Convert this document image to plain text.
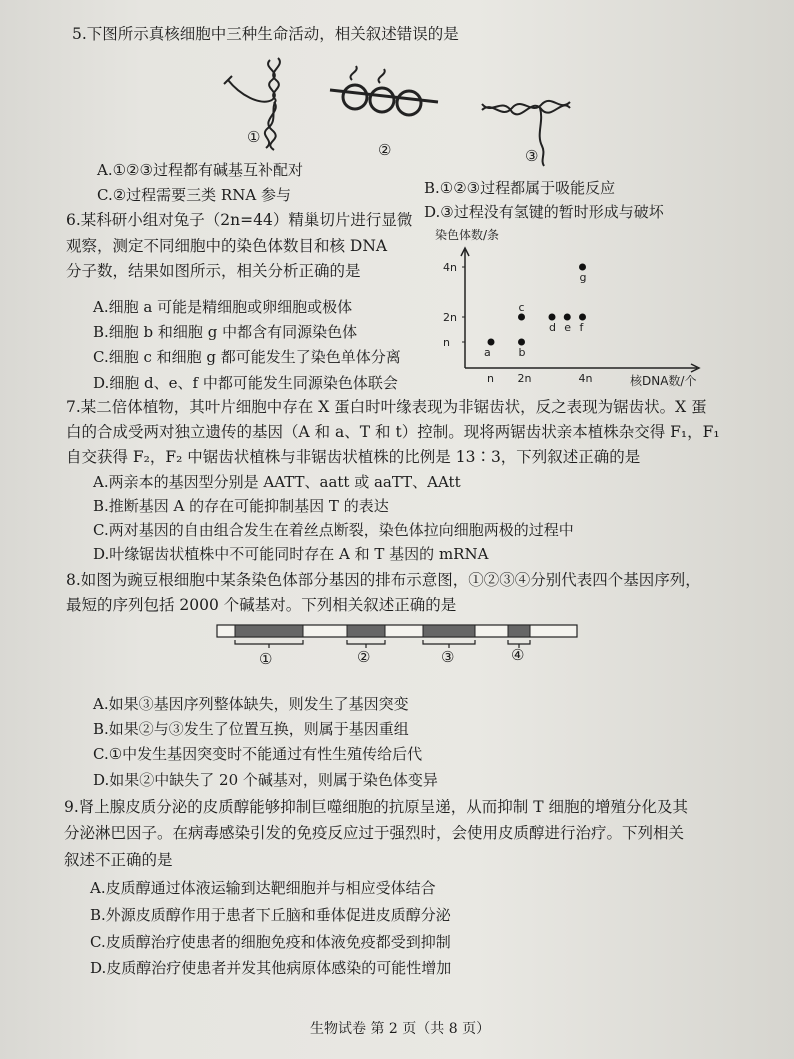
5.下图所示真核细胞中三种生命活动，相关叙述错误的是
①
②	③
A.①②③过程都有碱基互补配对
C.②过程需要三类 RNA 参与	B.①②③过程都属于吸能反应
D.③过程没有氢键的暂时形成与破坏
6.某科研小组对兔子（2n=44）精巢切片进行显微
观察，测定不同细胞中的染色体数目和核 DNA
分子数，结果如图所示，相关分析正确的是
A.细胞 a 可能是精细胞或卵细胞或极体
B.细胞 b 和细胞 g 中都含有同源染色体
C.细胞 c 和细胞 g 都可能发生了染色单体分离
D.细胞 d、e、f 中都可能发生同源染色体联会
染色体数/条
核DNA数/个
n 2n	4n
n
2n
4n
a	b
c
d e f
g
7.某二倍体植物，其叶片细胞中存在 X 蛋白时叶缘表现为非锯齿状，反之表现为锯齿状。X 蛋
白的合成受两对独立遗传的基因（A 和 a、T 和 t）控制。现将两锯齿状亲本植株杂交得 F₁，F₁
自交获得 F₂，F₂ 中锯齿状植株与非锯齿状植株的比例是 13∶3，下列叙述正确的是
A.两亲本的基因型分别是 AATT、aatt 或 aaTT、AAtt
B.推断基因 A 的存在可能抑制基因 T 的表达
C.两对基因的自由组合发生在着丝点断裂，染色体拉向细胞两极的过程中
D.叶缘锯齿状植株中不可能同时存在 A 和 T 基因的 mRNA
8.如图为豌豆根细胞中某条染色体部分基因的排布示意图，①②③④分别代表四个基因序列，
最短的序列包括 2000 个碱基对。下列相关叙述正确的是
①	②	③	④
A.如果③基因序列整体缺失，则发生了基因突变
B.如果②与③发生了位置互换，则属于基因重组
C.①中发生基因突变时不能通过有性生殖传给后代
D.如果②中缺失了 20 个碱基对，则属于染色体变异
9.肾上腺皮质分泌的皮质醇能够抑制巨噬细胞的抗原呈递，从而抑制 T 细胞的增殖分化及其
分泌淋巴因子。在病毒感染引发的免疫反应过于强烈时，会使用皮质醇进行治疗。下列相关
叙述不正确的是
A.皮质醇通过体液运输到达靶细胞并与相应受体结合
B.外源皮质醇作用于患者下丘脑和垂体促进皮质醇分泌
C.皮质醇治疗使患者的细胞免疫和体液免疫都受到抑制
D.皮质醇治疗使患者并发其他病原体感染的可能性增加
生物试卷 第 2 页（共 8 页）
